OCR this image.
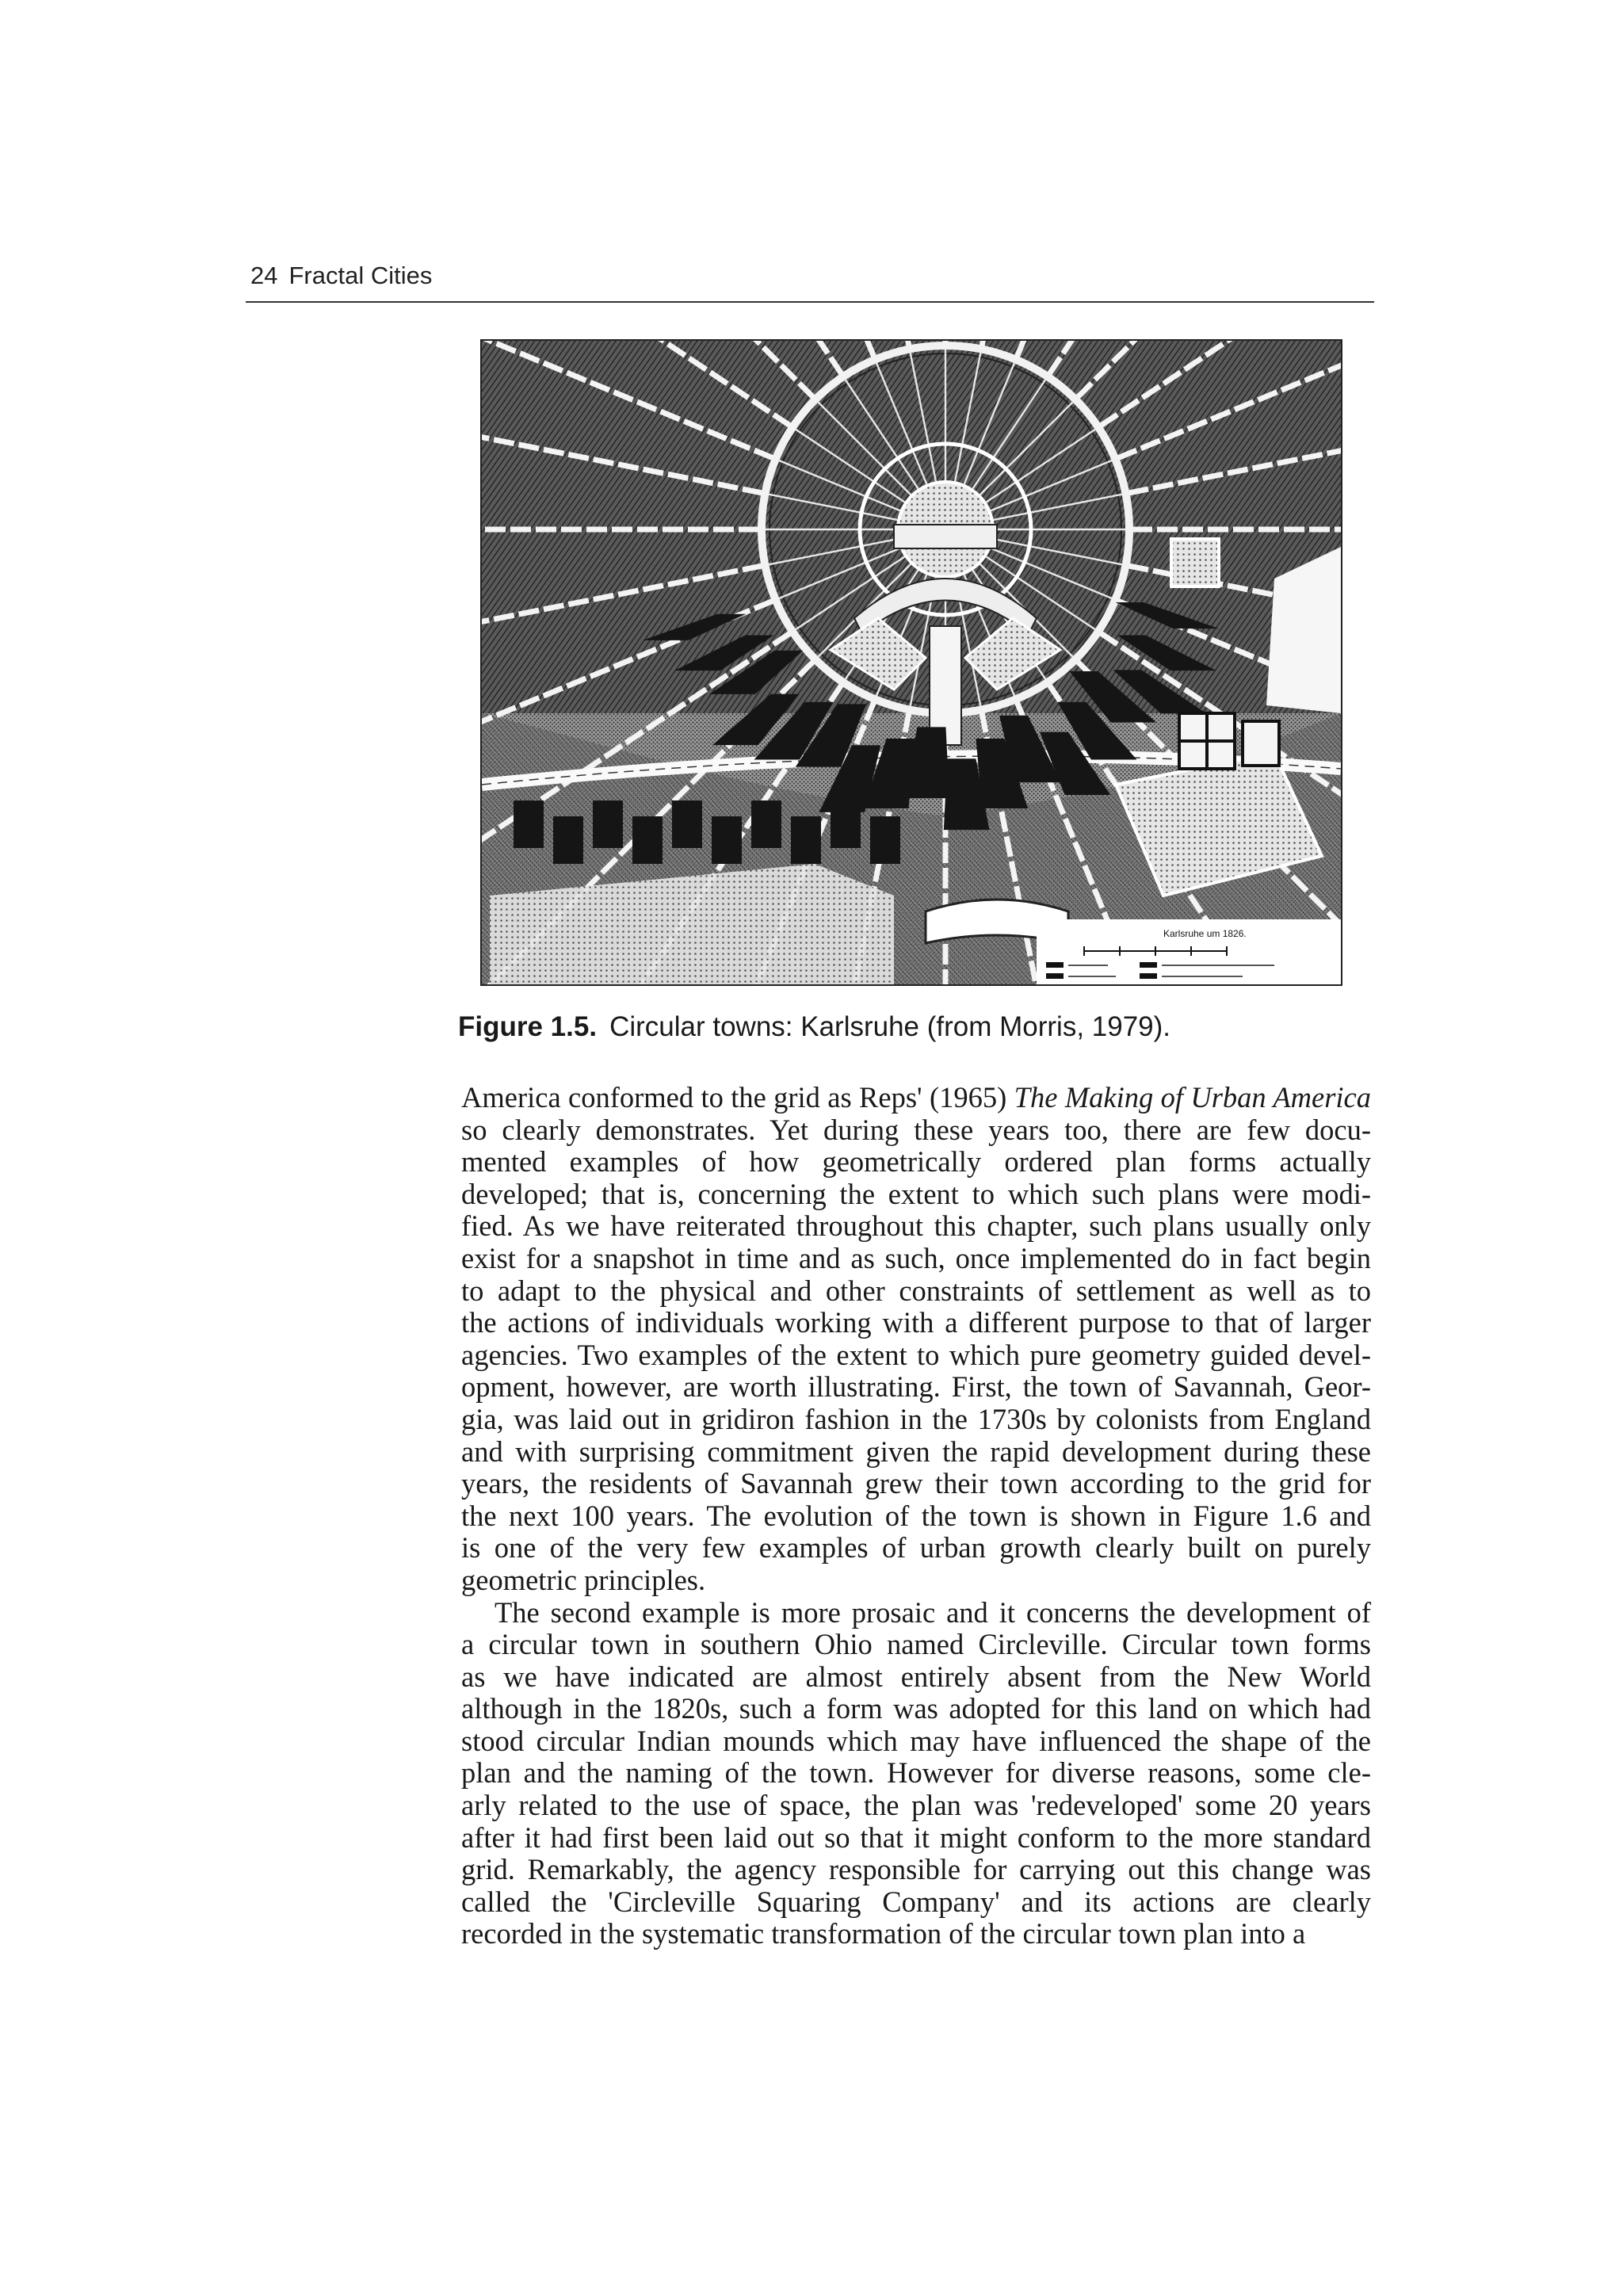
24 Fractal Cities
Karlsruhe um 1826.
Figure 1.5. Circular towns: Karlsruhe (from Morris, 1979).
America conformed to the grid as Reps' (1965) The Making of Urban America
so clearly demonstrates. Yet during these years too, there are few docu-
mented examples of how geometrically ordered plan forms actually
developed; that is, concerning the extent to which such plans were modi-
fied. As we have reiterated throughout this chapter, such plans usually only
exist for a snapshot in time and as such, once implemented do in fact begin
to adapt to the physical and other constraints of settlement as well as to
the actions of individuals working with a different purpose to that of larger
agencies. Two examples of the extent to which pure geometry guided devel-
opment, however, are worth illustrating. First, the town of Savannah, Geor-
gia, was laid out in gridiron fashion in the 1730s by colonists from England
and with surprising commitment given the rapid development during these
years, the residents of Savannah grew their town according to the grid for
the next 100 years. The evolution of the town is shown in Figure 1.6 and
is one of the very few examples of urban growth clearly built on purely
geometric principles.
The second example is more prosaic and it concerns the development of
a circular town in southern Ohio named Circleville. Circular town forms
as we have indicated are almost entirely absent from the New World
although in the 1820s, such a form was adopted for this land on which had
stood circular Indian mounds which may have influenced the shape of the
plan and the naming of the town. However for diverse reasons, some cle-
arly related to the use of space, the plan was 'redeveloped' some 20 years
after it had first been laid out so that it might conform to the more standard
grid. Remarkably, the agency responsible for carrying out this change was
called the 'Circleville Squaring Company' and its actions are clearly
recorded in the systematic transformation of the circular town plan into a
